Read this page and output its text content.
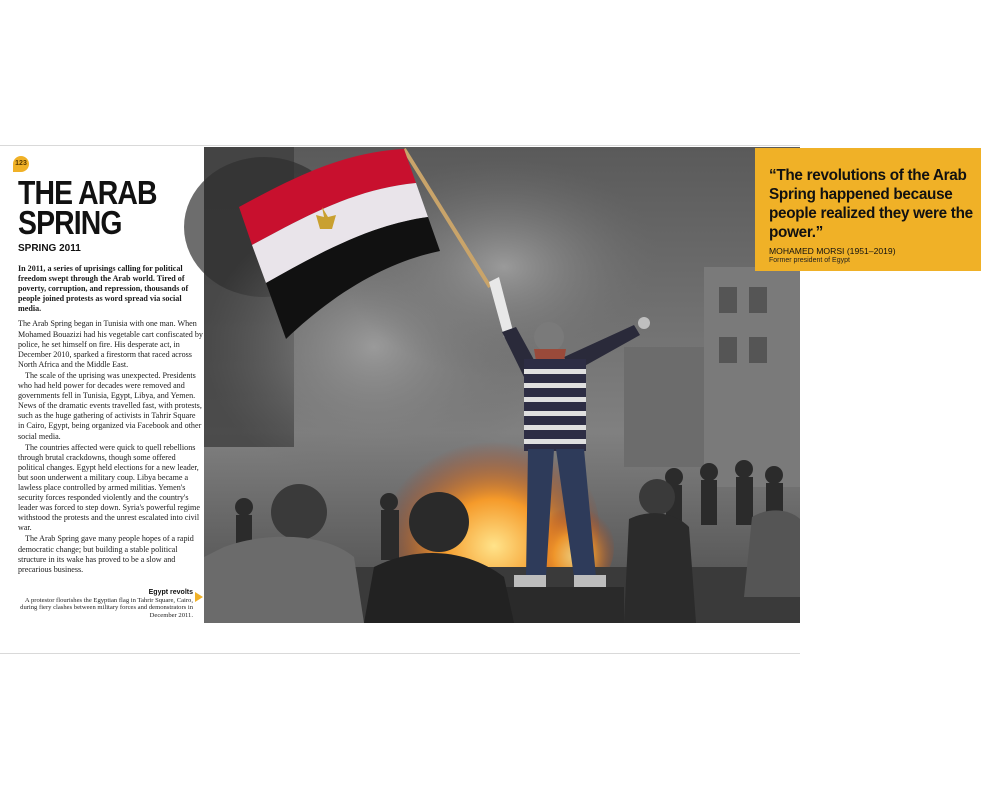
123
THE ARAB SPRING
SPRING 2011

In 2011, a series of uprisings calling for political freedom swept through the Arab world. Tired of poverty, corruption, and repression, thousands of people joined protests as word spread via social media.

The Arab Spring began in Tunisia with one man. When Mohamed Bouazizi had his vegetable cart confiscated by police, he set himself on fire. His desperate act, in December 2010, sparked a firestorm that raced across North Africa and the Middle East.

The scale of the uprising was unexpected. Presidents who had held power for decades were removed and governments fell in Tunisia, Egypt, Libya, and Yemen. News of the dramatic events travelled fast, with protests, such as the huge gathering of activists in Tahrir Square in Cairo, Egypt, being organized via Facebook and other social media.

The countries affected were quick to quell rebellions through brutal crackdowns, though some offered political changes. Egypt held elections for a new leader, but soon underwent a military coup. Libya became a lawless place controlled by armed militias. Yemen's security forces responded violently and the country's leader was forced to step down. Syria's powerful regime withstood the protests and the unrest escalated into civil war.

The Arab Spring gave many people hopes of a rapid democratic change; but building a stable political structure in its wake has proved to be a slow and precarious business.

Egypt revolts
A protestor flourishes the Egyptian flag in Tahrir Square, Cairo, during fiery clashes between military forces and demonstrators in December 2011.
“The revolutions of the Arab Spring happened because people realized they were the power.”
MOHAMED MORSI (1951–2019)
Former president of Egypt
